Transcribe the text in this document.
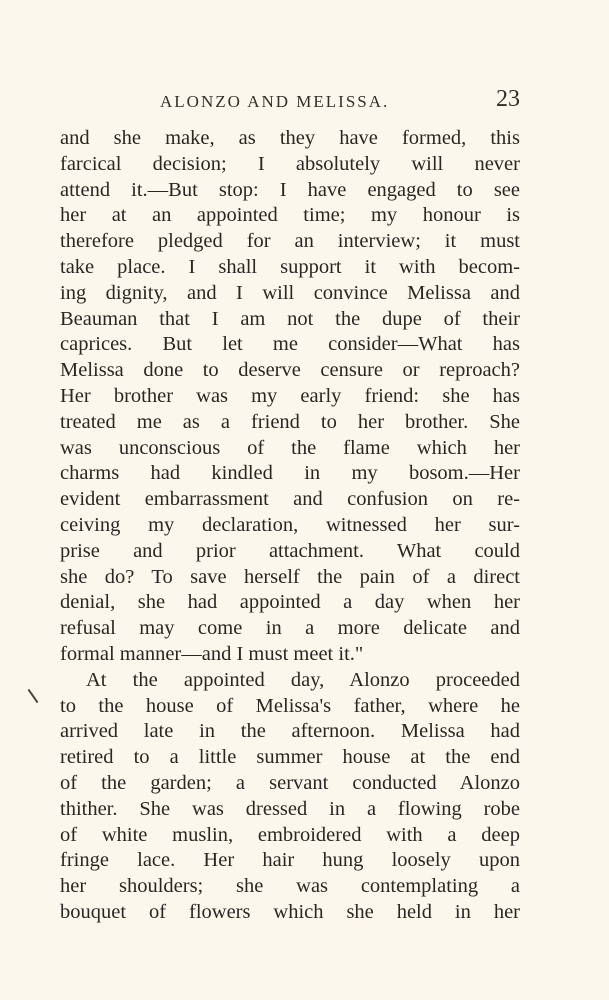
ALONZO AND MELISSA.	23
and she make, as they have formed, this
farcical decision; I absolutely will never
attend it.—But stop: I have engaged to see
her at an appointed time; my honour is
therefore pledged for an interview; it must
take place. I shall support it with becom-
ing dignity, and I will convince Melissa and
Beauman that I am not the dupe of their
caprices. But let me consider—What has
Melissa done to deserve censure or reproach?
Her brother was my early friend: she has
treated me as a friend to her brother. She
was unconscious of the flame which her
charms had kindled in my bosom.—Her
evident embarrassment and confusion on re-
ceiving my declaration, witnessed her sur-
prise and prior attachment. What could
she do? To save herself the pain of a direct
denial, she had appointed a day when her
refusal may come in a more delicate and
formal manner—and I must meet it."
At the appointed day, Alonzo proceeded
to the house of Melissa's father, where he
arrived late in the afternoon. Melissa had
retired to a little summer house at the end
of the garden; a servant conducted Alonzo
thither. She was dressed in a flowing robe
of white muslin, embroidered with a deep
fringe lace. Her hair hung loosely upon
her shoulders; she was contemplating a
bouquet of flowers which she held in her
